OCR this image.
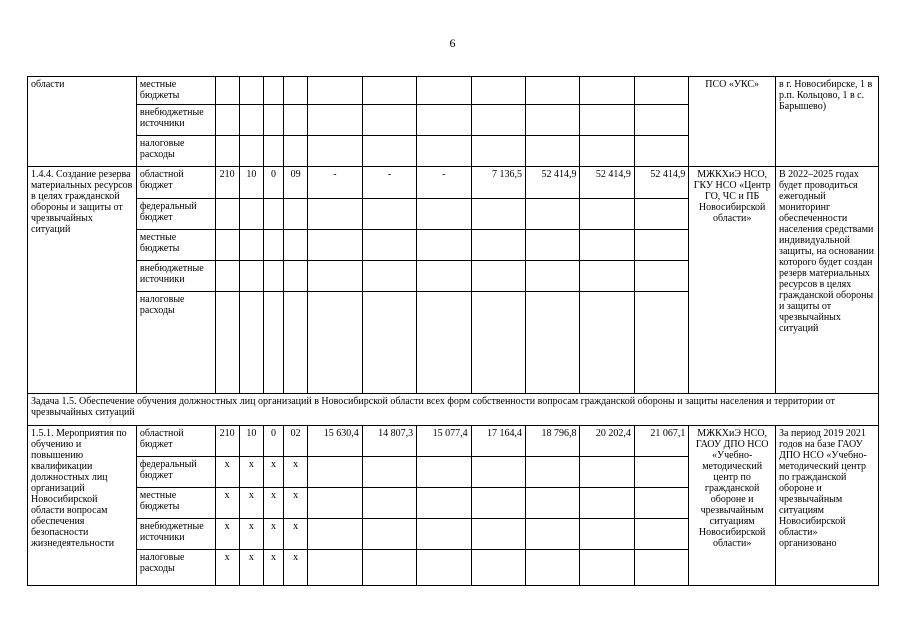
6
области	местные бюджеты												ПСО «УКС»	в г. Новосибирске, 1 в р.п. Кольцово, 1 в с. Барышево)
	внебюджетные источники													
	налоговые расходы													
1.4.4. Создание резерва материальных ресурсов в целях гражданской обороны и защиты от чрезвычайных ситуаций	областной бюджет	210	10	0	09	-	-	-	7 136,5	52 414,9	52 414,9	52 414,9	МЖКХиЭ НСО, ГКУ НСО «Центр ГО, ЧС и ПБ Новосибирской области»	В 2022–2025 годах будет проводиться ежегодный мониторинг обеспеченности населения средствами индивидуальной защиты, на основании которого будет создан резерв материальных ресурсов в целях гражданской обороны и защиты от чрезвычайных ситуаций
	федеральный бюджет													
	местные бюджеты													
	внебюджетные источники													
	налоговые расходы													
Задача 1.5. Обеспечение обучения должностных лиц организаций в Новосибирской области всех форм собственности вопросам гражданской обороны и защиты населения и территории от чрезвычайных ситуаций														
1.5.1. Мероприятия по обучению и повышению квалификации должностных лиц организаций Новосибирской области вопросам обеспечения безопасности жизнедеятельности	областной бюджет	210	10	0	02	15 630,4	14 807,3	15 077,4	17 164,4	18 796,8	20 202,4	21 067,1	МЖКХиЭ НСО, ГАОУ ДПО НСО «Учебно-методический центр по гражданской обороне и чрезвычайным ситуациям Новосибирской области»	За период 2019 2021 годов на базе ГАОУ ДПО НСО «Учебно-методический центр по гражданской обороне и чрезвычайным ситуациям Новосибирской области» организовано
	федеральный бюджет	х	х	х	х									
	местные бюджеты	х	х	х	х									
	внебюджетные источники	х	х	х	х									
	налоговые расходы	х	х	х	х									
